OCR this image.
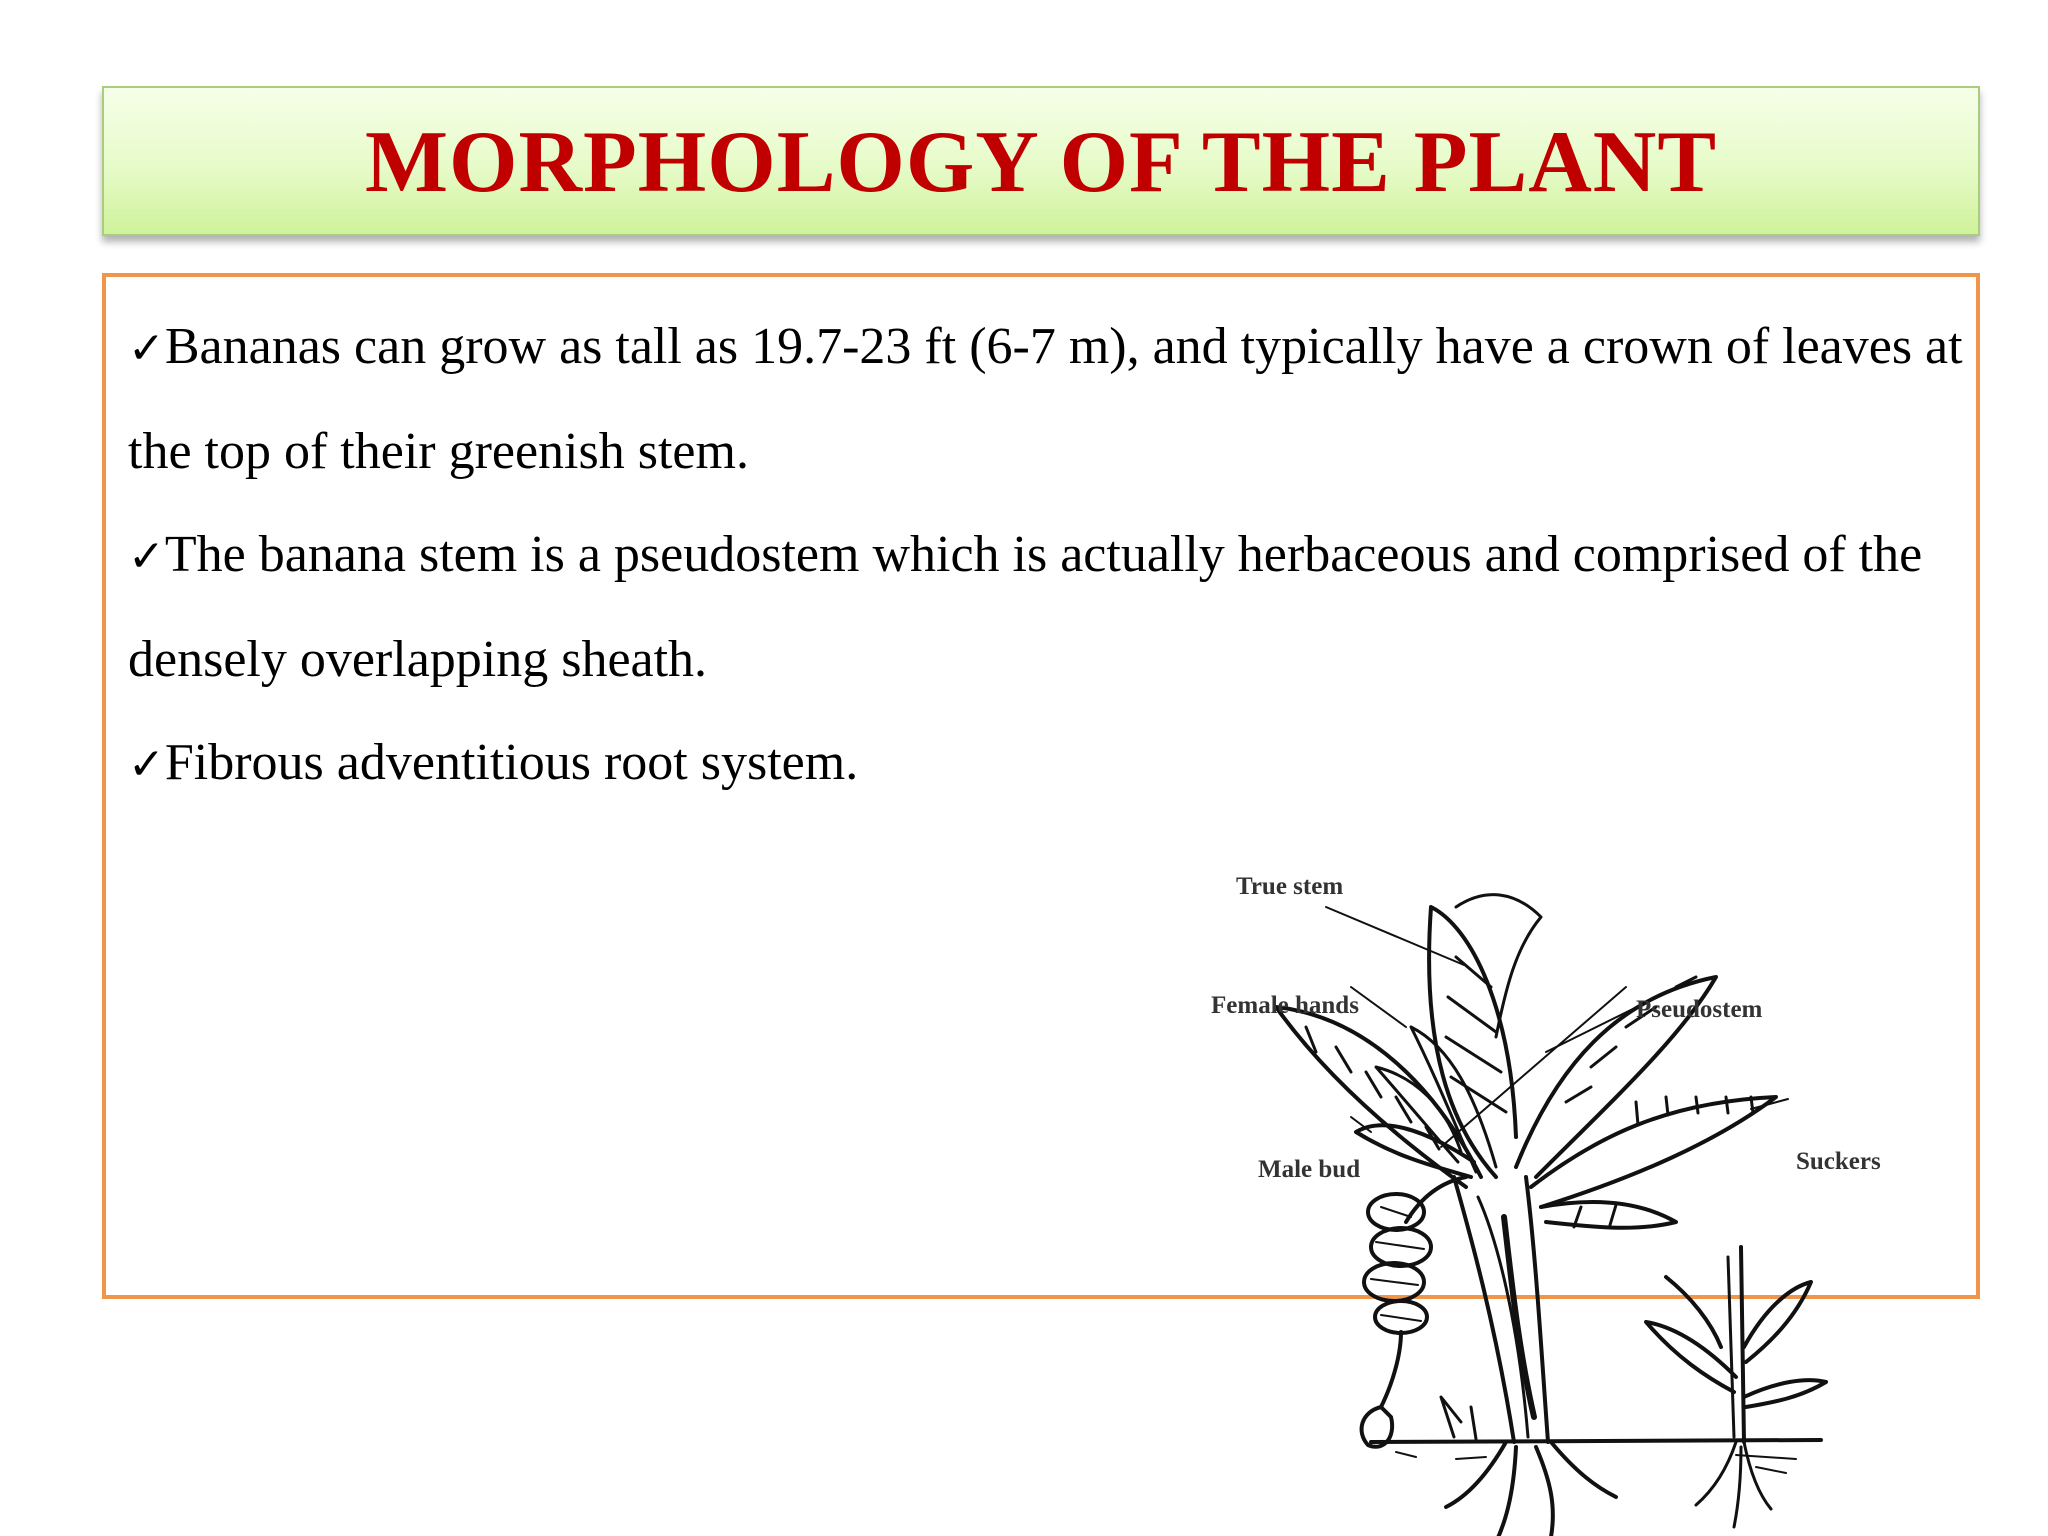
MORPHOLOGY OF THE PLANT
✓Bananas can grow as tall as 19.7-23 ft (6-7 m), and typically have a crown of leaves at the top of their greenish stem.
✓The banana stem is a pseudostem which is actually herbaceous and comprised of the densely overlapping sheath.
✓Fibrous adventitious root system.
True stem
Female hands	Pseudostem
Male bud	Suckers
